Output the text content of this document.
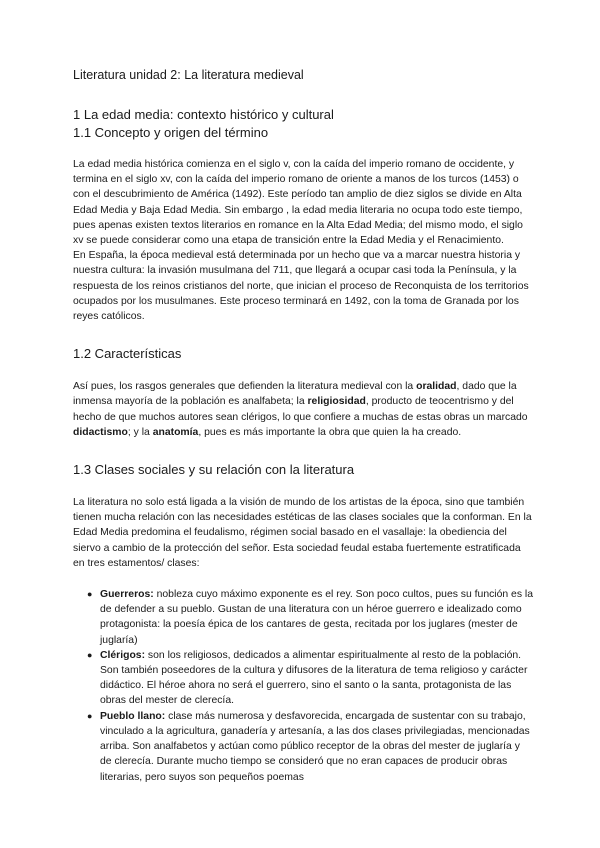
Literatura unidad 2: La literatura medieval
1 La edad media: contexto histórico y cultural
1.1 Concepto y origen del término

La edad media histórica comienza en el siglo v, con la caída del imperio romano de occidente, y termina en el siglo xv, con la caída del imperio romano de oriente a manos de los turcos (1453) o con el descubrimiento de América (1492). Este período tan amplio de diez siglos se divide en Alta Edad Media y Baja Edad Media. Sin embargo , la edad media literaria no ocupa todo este tiempo, pues apenas existen textos literarios en romance en la Alta Edad Media; del mismo modo, el siglo xv se puede considerar como una etapa de transición entre la Edad Media y el Renacimiento.

En España, la época medieval está determinada por un hecho que va a marcar nuestra historia y nuestra cultura: la invasión musulmana del 711, que llegará a ocupar casi toda la Península, y la respuesta de los reinos cristianos del norte, que inician el proceso de Reconquista de los territorios ocupados por los musulmanes. Este proceso terminará en 1492, con la toma de Granada por los reyes católicos.

1.2 Características

Así pues, los rasgos generales que defienden la literatura medieval con la oralidad, dado que la inmensa mayoría de la población es analfabeta; la religiosidad, producto de teocentrismo y del hecho de que muchos autores sean clérigos, lo que confiere a muchas de estas obras un marcado didactismo; y la anatomía, pues es más importante la obra que quien la ha creado.

1.3 Clases sociales y su relación con la literatura

La literatura no solo está ligada a la visión de mundo de los artistas de la época, sino que también tienen mucha relación con las necesidades estéticas de las clases sociales que la conforman. En la Edad Media predomina el feudalismo, régimen social basado en el vasallaje: la obediencia del siervo a cambio de la protección del señor. Esta sociedad feudal estaba fuertemente estratificada en tres estamentos/ clases:

● Guerreros: nobleza cuyo máximo exponente es el rey. Son poco cultos, pues su función es la de defender a su pueblo. Gustan de una literatura con un héroe guerrero e idealizado como protagonista: la poesía épica de los cantares de gesta, recitada por los juglares (mester de juglaría)
● Clérigos: son los religiosos, dedicados a alimentar espiritualmente al resto de la población. Son también poseedores de la cultura y difusores de la literatura de tema religioso y carácter didáctico. El héroe ahora no será el guerrero, sino el santo o la santa, protagonista de las obras del mester de clerecía.
● Pueblo llano: clase más numerosa y desfavorecida, encargada de sustentar con su trabajo, vinculado a la agricultura, ganadería y artesanía, a las dos clases privilegiadas, mencionadas arriba. Son analfabetos y actúan como público receptor de la obras del mester de juglaría y de clerecía. Durante mucho tiempo se consideró que no eran capaces de producir obras literarias, pero suyos son pequeños poemas
